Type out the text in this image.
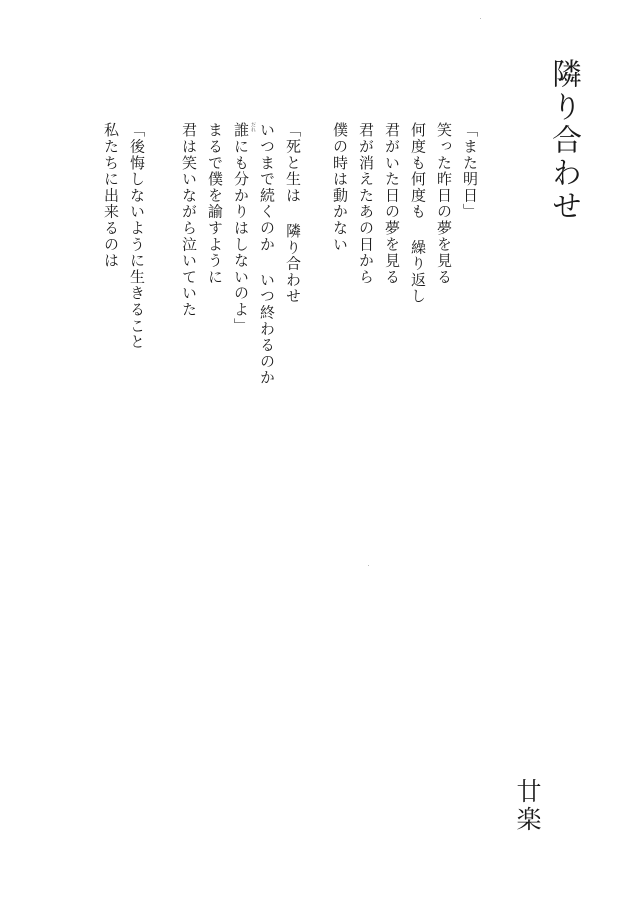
隣り合わせ
「また明日」
笑った昨日の夢を見る
何度も何度も 繰り返し
君がいた日の夢を見る
君が消えたあの日から
僕の時は動かない
「死と生は 隣り合わせ
いつまで続くのか いつ終わるのか
誰にも分かりはしないのよ」 だれ
まるで僕を諭すように
君は笑いながら泣いていた
「後悔しないように生きること
私たちに出来るのは
廿楽
